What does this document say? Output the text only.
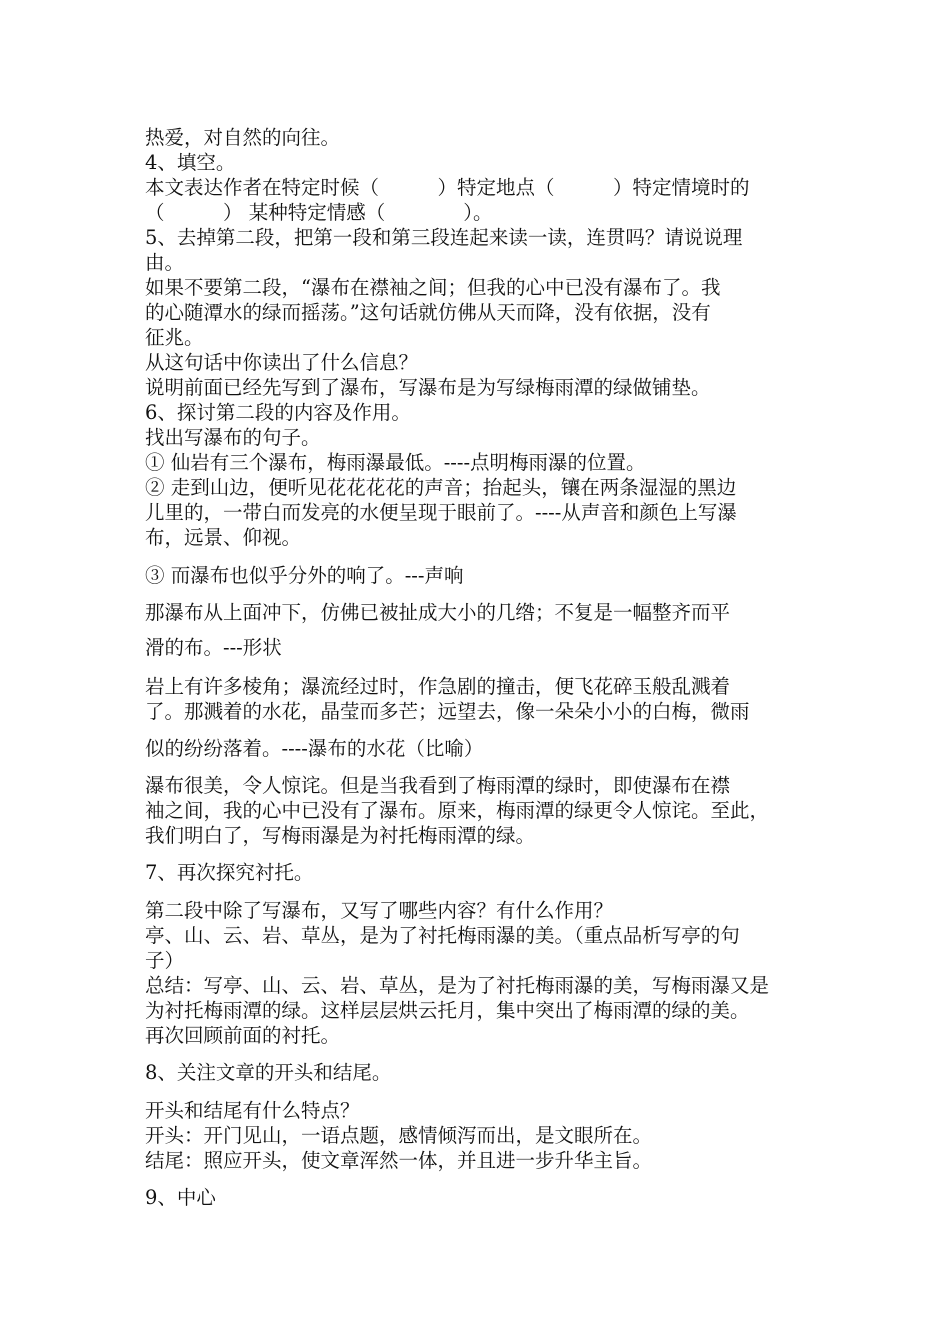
热爱，对自然的向往。
4、填空。
本文表达作者在特定时候（　　　）特定地点（　　　）特定情境时的
（　　　） 某种特定情感（　　　　）。
5、去掉第二段，把第一段和第三段连起来读一读，连贯吗？请说说理
由。
如果不要第二段，“瀑布在襟袖之间；但我的心中已没有瀑布了。我
的心随潭水的绿而摇荡。”这句话就仿佛从天而降，没有依据，没有
征兆。
从这句话中你读出了什么信息？
说明前面已经先写到了瀑布，写瀑布是为写绿梅雨潭的绿做铺垫。
6、探讨第二段的内容及作用。
找出写瀑布的句子。
① 仙岩有三个瀑布，梅雨瀑最低。----点明梅雨瀑的位置。
② 走到山边，便听见花花花花的声音；抬起头，镶在两条湿湿的黑边
儿里的，一带白而发亮的水便呈现于眼前了。----从声音和颜色上写瀑
布，远景、仰视。
③ 而瀑布也似乎分外的响了。---声响
那瀑布从上面冲下，仿佛已被扯成大小的几绺；不复是一幅整齐而平
滑的布。---形状
岩上有许多棱角；瀑流经过时，作急剧的撞击，便飞花碎玉般乱溅着
了。那溅着的水花，晶莹而多芒；远望去，像一朵朵小小的白梅，微雨
似的纷纷落着。----瀑布的水花（比喻）
瀑布很美，令人惊诧。但是当我看到了梅雨潭的绿时，即使瀑布在襟
袖之间，我的心中已没有了瀑布。原来，梅雨潭的绿更令人惊诧。至此，
我们明白了，写梅雨瀑是为衬托梅雨潭的绿。
7、再次探究衬托。
第二段中除了写瀑布，又写了哪些内容？有什么作用？
亭、山、云、岩、草丛，是为了衬托梅雨瀑的美。（重点品析写亭的句
子）
总结：写亭、山、云、岩、草丛，是为了衬托梅雨瀑的美，写梅雨瀑又是
为衬托梅雨潭的绿。这样层层烘云托月，集中突出了梅雨潭的绿的美。
再次回顾前面的衬托。
8、关注文章的开头和结尾。
开头和结尾有什么特点？
开头：开门见山，一语点题，感情倾泻而出，是文眼所在。
结尾：照应开头，使文章浑然一体，并且进一步升华主旨。
9、中心
